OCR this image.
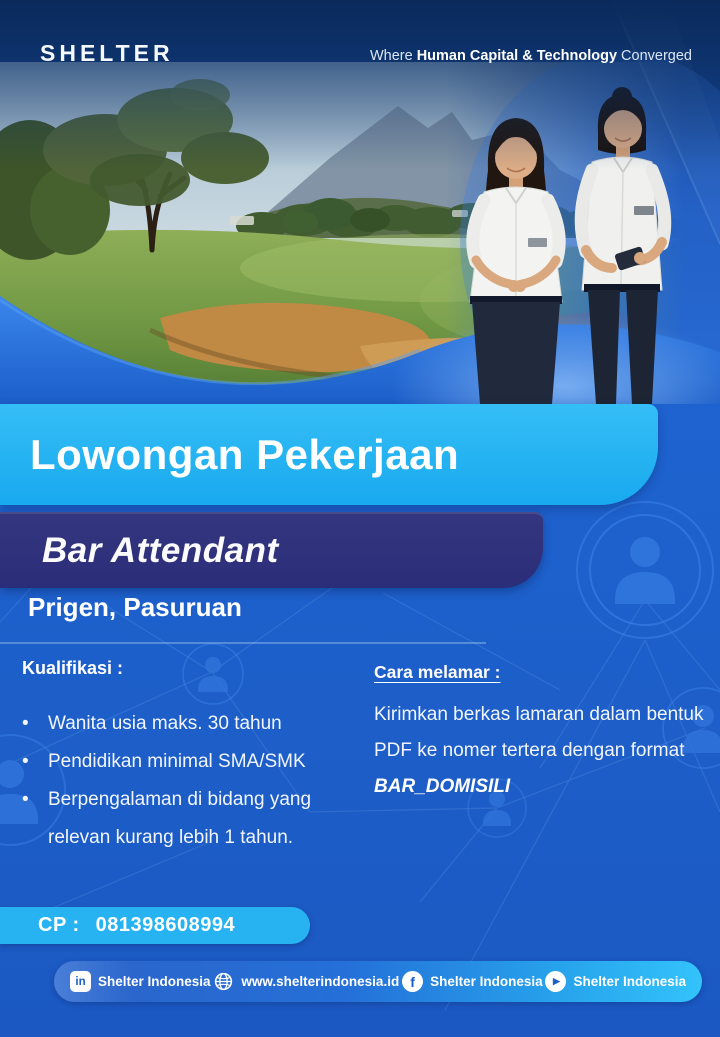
SHELTER	Where Human Capital & Technology Converged
Lowongan Pekerjaan
Bar Attendant
Prigen, Pasuruan
Kualifikasi :
•	Wanita usia maks. 30 tahun
•	Pendidikan minimal SMA/SMK
•	Berpengalaman di bidang yang relevan kurang lebih 1 tahun.
Cara melamar :

Kirimkan berkas lamaran dalam bentuk PDF ke nomer tertera dengan format BAR_DOMISILI

CP : 081398608994
in Shelter Indonesia www.shelterindonesia.id f	Shelter Indonesia	▶	Shelter Indonesia
